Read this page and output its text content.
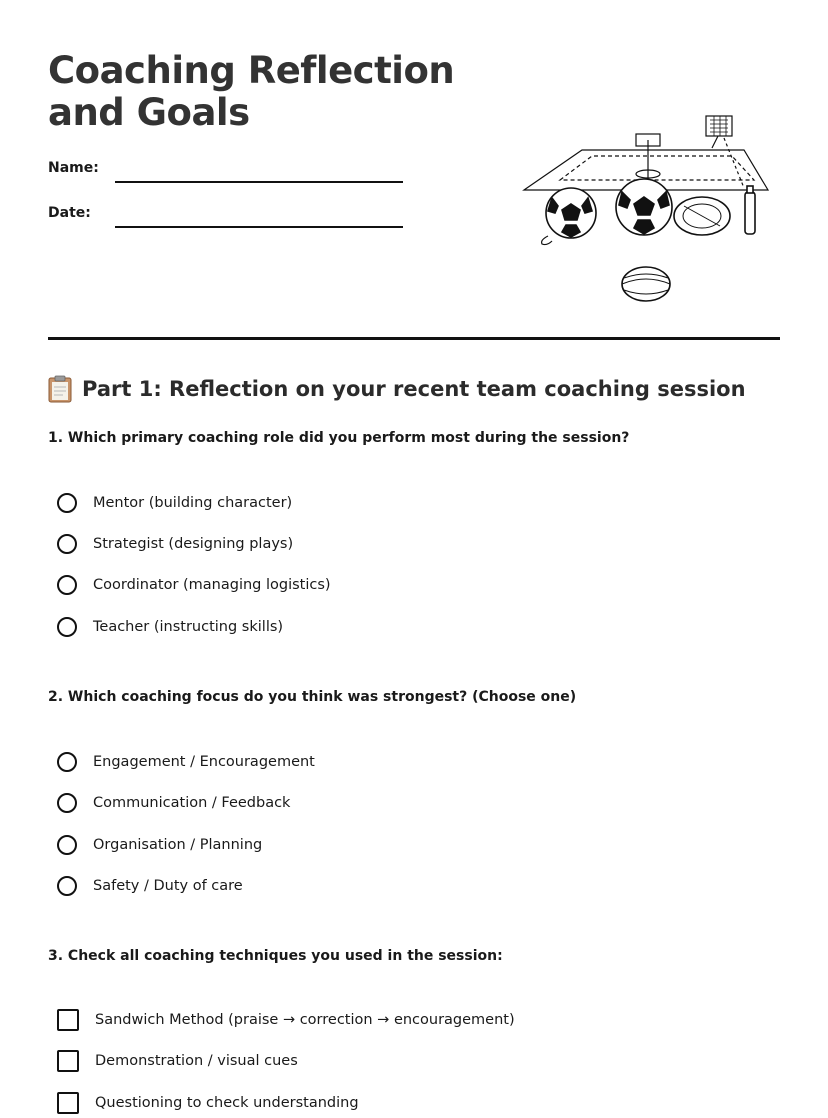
Coaching Reflection and Goals
Name:
Date:
Part 1: Reflection on your recent team coaching session

1. Which primary coaching role did you perform most during the session?

Mentor (building character)
Strategist (designing plays)
Coordinator (managing logistics)
Teacher (instructing skills)

2. Which coaching focus do you think was strongest? (Choose one)

Engagement / Encouragement
Communication / Feedback
Organisation / Planning
Safety / Duty of care

3. Check all coaching techniques you used in the session:

Sandwich Method (praise → correction → encouragement)
Demonstration / visual cues
Questioning to check understanding
